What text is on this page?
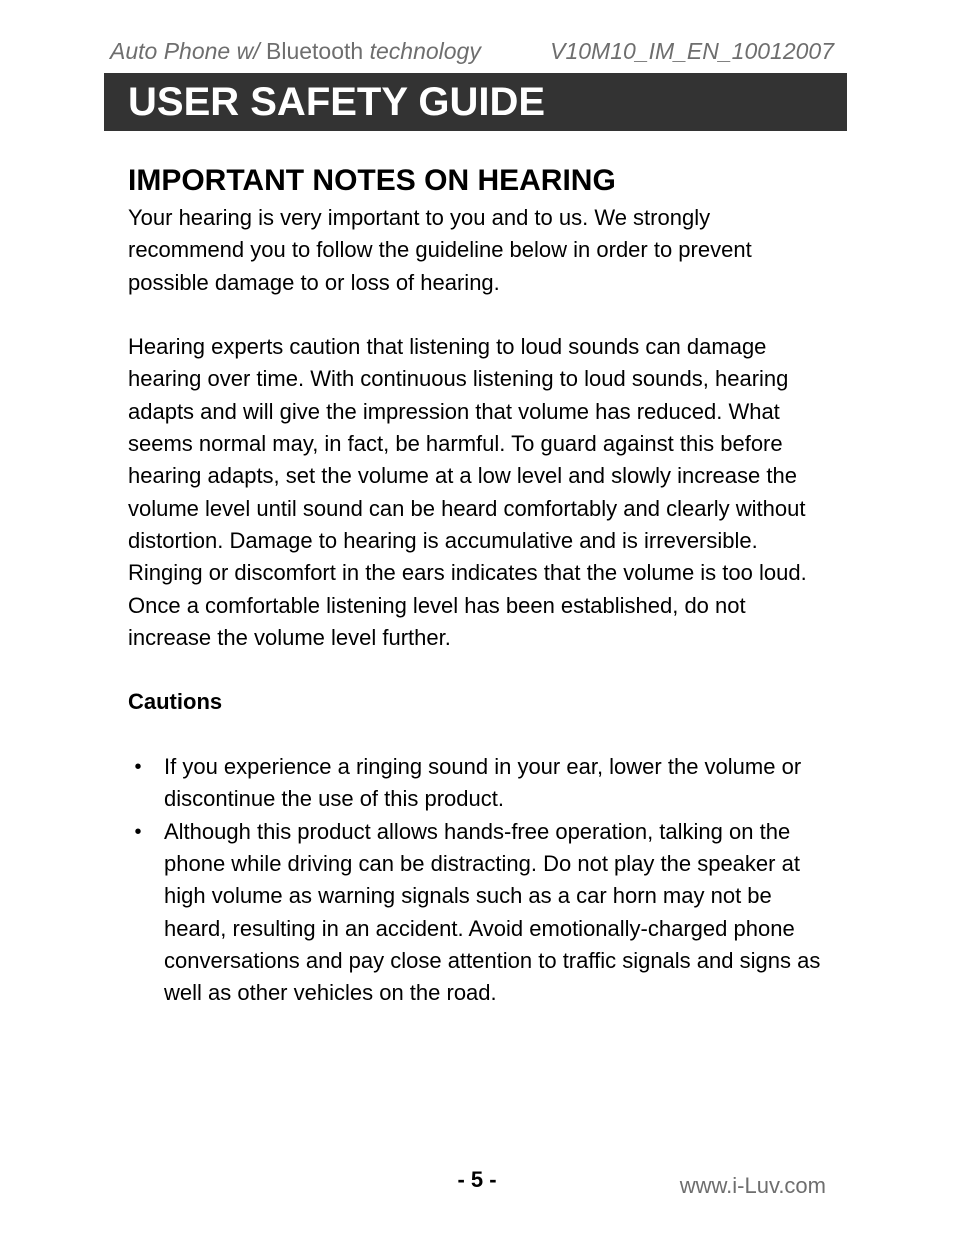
Auto Phone w/ Bluetooth technology	V10M10_IM_EN_10012007
USER SAFETY GUIDE
IMPORTANT NOTES ON HEARING

Your hearing is very important to you and to us. We strongly recommend you to follow the guideline below in order to prevent possible damage to or loss of hearing.

Hearing experts caution that listening to loud sounds can damage hearing over time. With continuous listening to loud sounds, hearing adapts and will give the impression that volume has reduced. What seems normal may, in fact, be harmful. To guard against this before hearing adapts, set the volume at a low level and slowly increase the volume level until sound can be heard comfortably and clearly without distortion. Damage to hearing is accumulative and is irreversible. Ringing or discomfort in the ears indicates that the volume is too loud. Once a comfortable listening level has been established, do not increase the volume level further.

Cautions
• If you experience a ringing sound in your ear, lower the volume or discontinue the use of this product.
• Although this product allows hands-free operation, talking on the phone while driving can be distracting. Do not play the speaker at high volume as warning signals such as a car horn may not be heard, resulting in an accident. Avoid emotionally-charged phone conversations and pay close attention to traffic signals and signs as well as other vehicles on the road.
- 5 -	www.i-Luv.com
